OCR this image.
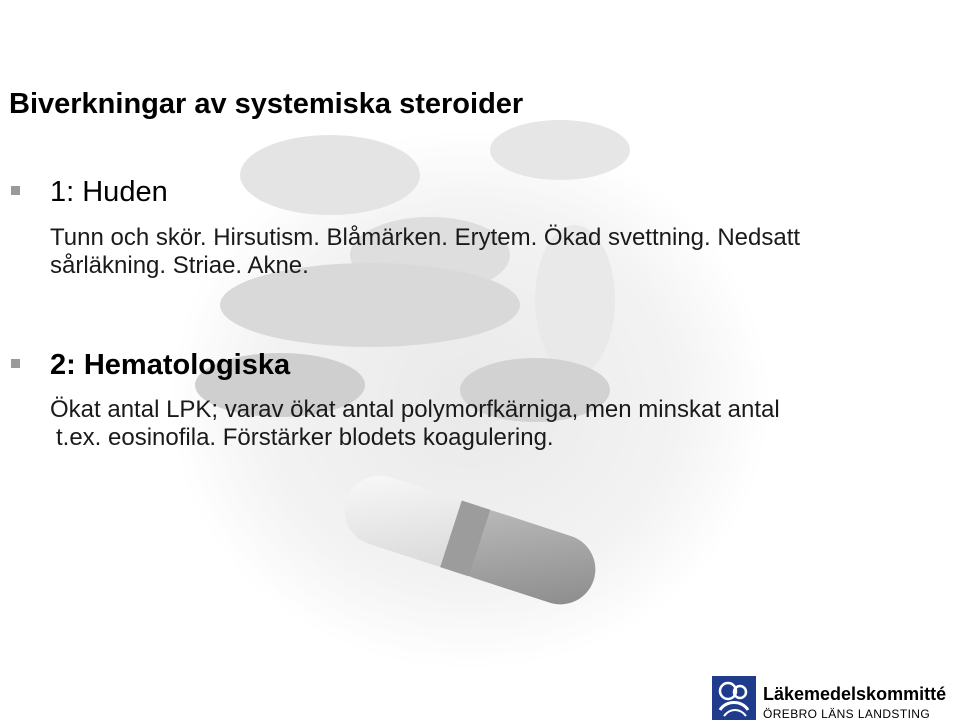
Biverkningar av systemiska steroider
1: Huden

Tunn och skör. Hirsutism. Blåmärken. Erytem. Ökad svettning. Nedsatt sårläkning. Striae. Akne.

2: Hematologiska

Ökat antal LPK; varav ökat antal polymorfkärniga, men minskat antal
t.ex. eosinofila. Förstärker blodets koagulering.

Läkemedelskommitté

ÖREBRO LÄNS LANDSTING
